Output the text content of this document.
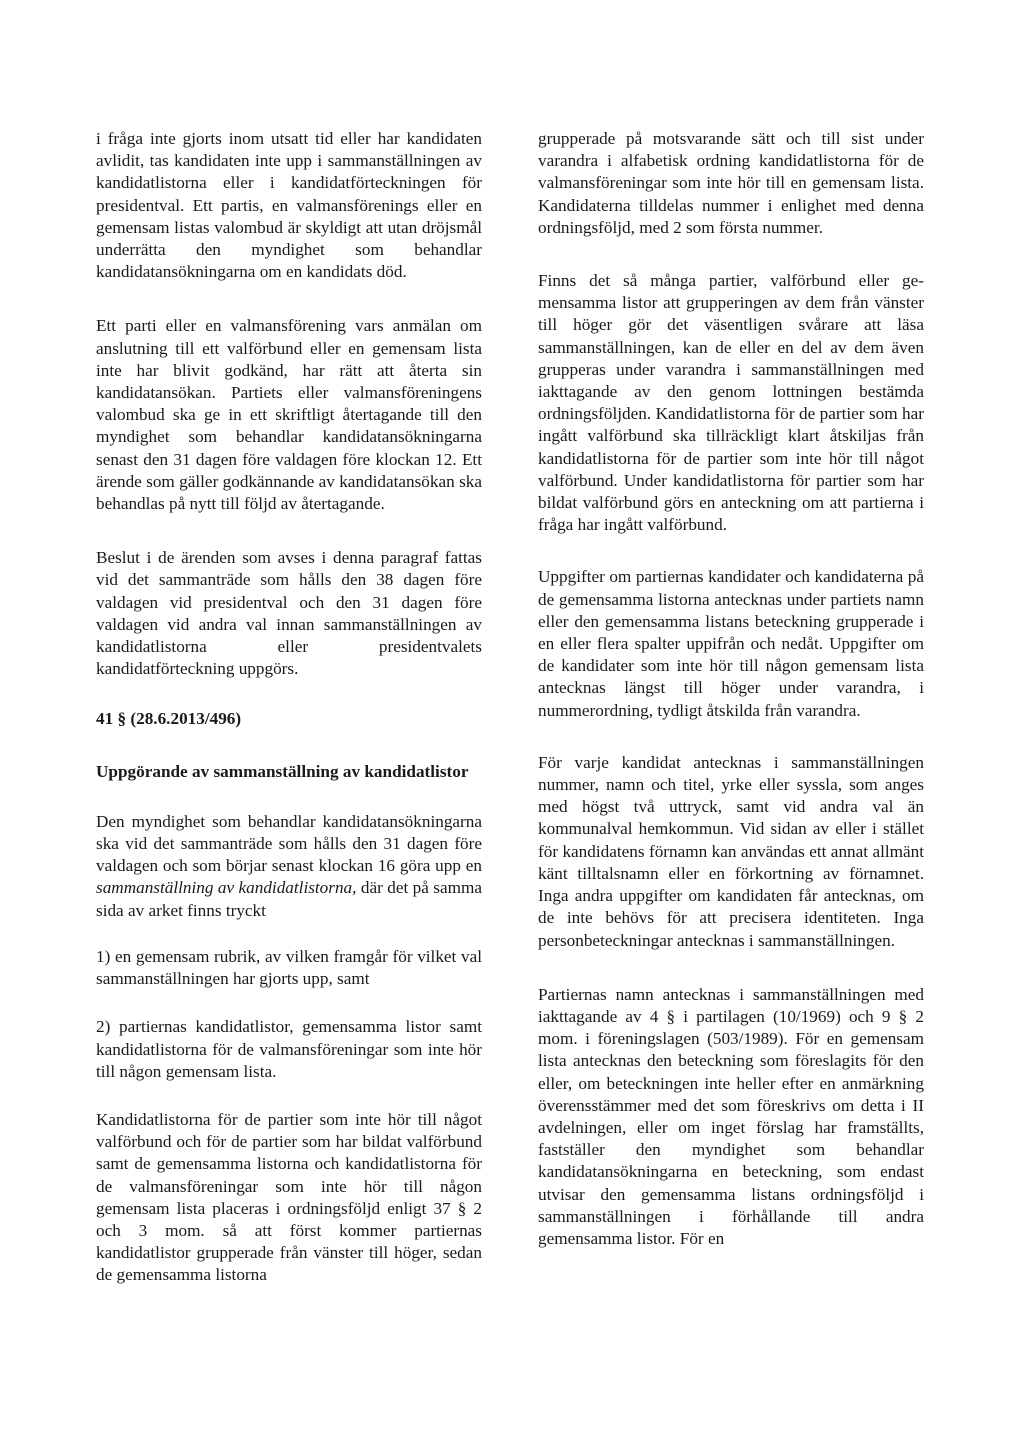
i fråga inte gjorts inom utsatt tid eller har kandidaten avlidit, tas kandidaten inte upp i sammanställningen av kandidatlistorna eller i kandidatförteckningen för presidentval. Ett partis, en valmansförenings eller en gemensam listas valombud är skyldigt att utan dröjsmål underrätta den myndighet som behandlar kandidatansökningarna om en kandidats död.

Ett parti eller en valmansförening vars anmälan om anslutning till ett valförbund eller en gemensam lista inte har blivit godkänd, har rätt att återta sin kandidatansökan. Partiets eller valmansföreningens valombud ska ge in ett skriftligt återtagande till den myndighet som behandlar kandidatansökningarna senast den 31 dagen före valdagen före klockan 12. Ett ärende som gäller godkännande av kandidatansökan ska behandlas på nytt till följd av återtagande.

Beslut i de ärenden som avses i denna paragraf fattas vid det sammanträde som hålls den 38 dagen före valdagen vid presidentval och den 31 dagen före valdagen vid andra val innan sammanställningen av kandidatlistorna eller presidentvalets kandidatförteckning uppgörs.

41 § (28.6.2013/496)

Uppgörande av sammanställning av kandidatlistor

Den myndighet som behandlar kandidatansökningarna ska vid det sammanträde som hålls den 31 dagen före valdagen och som börjar senast klockan 16 göra upp en sammanställning av kandidatlistorna, där det på samma sida av arket finns tryckt

1) en gemensam rubrik, av vilken framgår för vilket val sammanställningen har gjorts upp, samt

2) partiernas kandidatlistor, gemensamma listor samt kandidatlistorna för de valmansföreningar som inte hör till någon gemensam lista.

Kandidatlistorna för de partier som inte hör till något valförbund och för de partier som har bildat valförbund samt de gemensamma listorna och kandidatlistorna för de valmansföreningar som inte hör till någon gemensam lista placeras i ordningsföljd enligt 37 § 2 och 3 mom. så att först kommer partiernas kandidatlistor grupperade från vänster till höger, sedan de gemensamma listorna

grupperade på motsvarande sätt och till sist under varandra i alfabetisk ordning kandidatlistorna för de valmansföreningar som inte hör till en gemensam lista. Kandidaterna tilldelas nummer i enlighet med denna ordningsföljd, med 2 som första nummer.

Finns det så många partier, valförbund eller gemensamma listor att grupperingen av dem från vänster till höger gör det väsentligen svårare att läsa sammanställningen, kan de eller en del av dem även grupperas under varandra i sammanställningen med iakttagande av den genom lottningen bestämda ordningsföljden. Kandidatlistorna för de partier som har ingått valförbund ska tillräckligt klart åtskiljas från kandidatlistorna för de partier som inte hör till något valförbund. Under kandidatlistorna för partier som har bildat valförbund görs en anteckning om att partierna i fråga har ingått valförbund.

Uppgifter om partiernas kandidater och kandidaterna på de gemensamma listorna antecknas under partiets namn eller den gemensamma listans beteckning grupperade i en eller flera spalter uppifrån och nedåt. Uppgifter om de kandidater som inte hör till någon gemensam lista antecknas längst till höger under varandra, i nummerordning, tydligt åtskilda från varandra.

För varje kandidat antecknas i sammanställningen nummer, namn och titel, yrke eller syssla, som anges med högst två uttryck, samt vid andra val än kommunalval hemkommun. Vid sidan av eller i stället för kandidatens förnamn kan användas ett annat allmänt känt tilltalsnamn eller en förkortning av förnamnet. Inga andra uppgifter om kandidaten får antecknas, om de inte behövs för att precisera identiteten. Inga personbeteckningar antecknas i sammanställningen.

Partiernas namn antecknas i sammanställningen med iakttagande av 4 § i partilagen (10/1969) och 9 § 2 mom. i föreningslagen (503/1989). För en gemensam lista antecknas den beteckning som föreslagits för den eller, om beteckningen inte heller efter en anmärkning överensstämmer med det som föreskrivs om detta i II avdelningen, eller om inget förslag har framställts, fastställer den myndighet som behandlar kandidatansökningarna en beteckning, som endast utvisar den gemensamma listans ordningsföljd i sammanställningen i förhållande till andra gemensamma listor. För en
